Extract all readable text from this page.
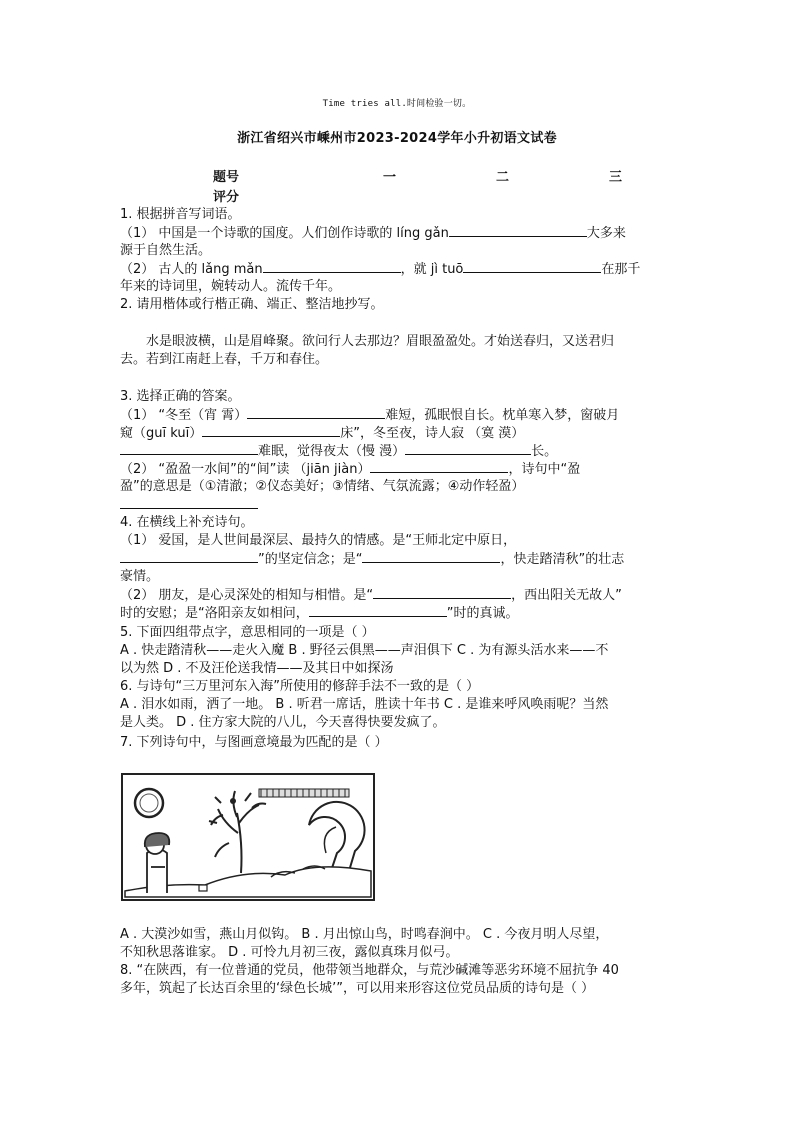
Time tries all.时间检验一切。
浙江省绍兴市嵊州市2023-2024学年小升初语文试卷
题号	一	二	三
评分
1. 根据拼音写词语。
（1） 中国是一个诗歌的国度。人们创作诗歌的 líng gǎn	大多来
源于自然生活。
（2） 古人的 lǎng mǎn	，就 jì tuō	在那千
年来的诗词里，婉转动人。流传千年。
2. 请用楷体或行楷正确、端正、整洁地抄写。
水是眼波横，山是眉峰聚。欲问行人去那边？眉眼盈盈处。才始送春归，又送君归
去。若到江南赶上春，千万和春住。
3. 选择正确的答案。
（1） “冬至（宵 霄）	难短，孤眠恨自长。枕单寒入梦，窗破月
窥（guī kuī）	床”，冬至夜，诗人寂 （寞 漠）
难眠，觉得夜太（慢 漫）	长。
（2） “盈盈一水间”的“间”读 （jiān jiàn）	，诗句中“盈
盈”的意思是（①清澈；②仪态美好；③情绪、气氛流露；④动作轻盈）
4. 在横线上补充诗句。
（1） 爱国，是人世间最深层、最持久的情感。是“王师北定中原日，
”的坚定信念；是“	，快走踏清秋”的壮志
豪情。
（2） 朋友，是心灵深处的相知与相惜。是“	，西出阳关无故人”
时的安慰；是“洛阳亲友如相问，	”时的真诚。
5. 下面四组带点字，意思相同的一项是（ ）
A . 快走踏清秋——走火入魔 B . 野径云俱黑——声泪俱下 C . 为有源头活水来——不
以为然 D . 不及汪伦送我情——及其日中如探汤
6. 与诗句“三万里河东入海”所使用的修辞手法不一致的是（ ）
A . 泪水如雨，洒了一地。 B . 听君一席话，胜读十年书 C . 是谁来呼风唤雨呢？当然
是人类。 D . 住方家大院的八儿，今天喜得快要发疯了。
7. 下列诗句中，与图画意境最为匹配的是（ ）
A . 大漠沙如雪，燕山月似钩。 B . 月出惊山鸟，时鸣春涧中。 C . 今夜月明人尽望，
不知秋思落谁家。 D . 可怜九月初三夜，露似真珠月似弓。
8. “在陕西，有一位普通的党员，他带领当地群众，与荒沙碱滩等恶劣环境不屈抗争 40
多年，筑起了长达百余里的‘绿色长城’”，可以用来形容这位党员品质的诗句是（ ）
